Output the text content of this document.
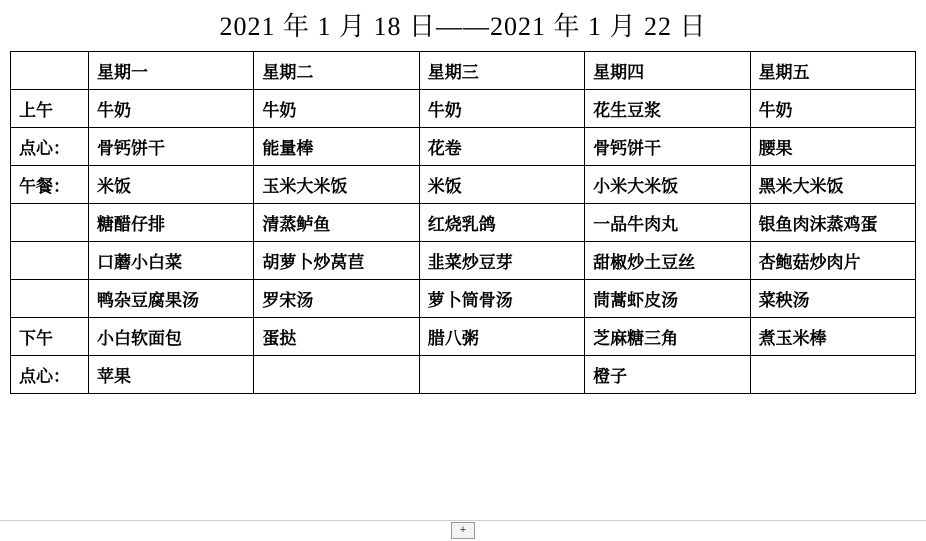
2021 年 1 月 18 日——2021 年 1 月 22 日
	星期一	星期二	星期三	星期四	星期五
上午	牛奶	牛奶	牛奶	花生豆浆	牛奶
点心：	骨钙饼干	能量棒	花卷	骨钙饼干	腰果
午餐：	米饭	玉米大米饭	米饭	小米大米饭	黑米大米饭
	糖醋仔排	清蒸鲈鱼	红烧乳鸽	一品牛肉丸	银鱼肉沫蒸鸡蛋
	口蘑小白菜	胡萝卜炒莴苣	韭菜炒豆芽	甜椒炒土豆丝	杏鲍菇炒肉片
	鸭杂豆腐果汤	罗宋汤	萝卜筒骨汤	茼蒿虾皮汤	菜秧汤
下午	小白软面包	蛋挞	腊八粥	芝麻糖三角	煮玉米棒
点心：	苹果			橙子	
+
